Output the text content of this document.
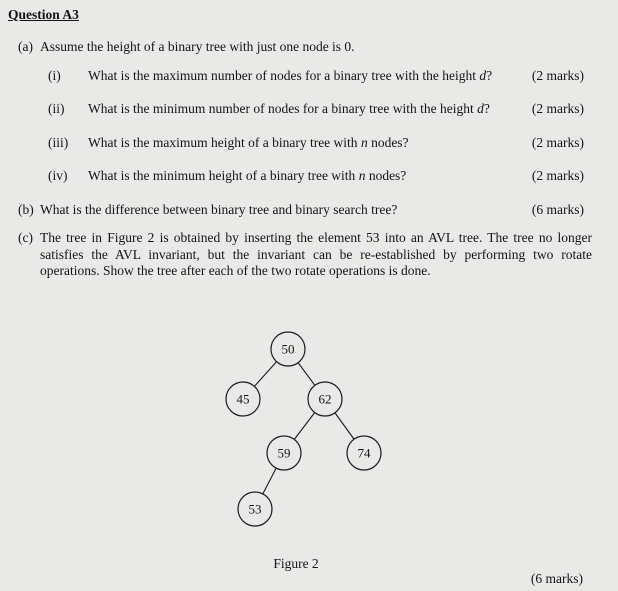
Question A3
(a) Assume the height of a binary tree with just one node is 0.
(i)	What is the maximum number of nodes for a binary tree with the height d?	(2 marks)
(ii)	What is the minimum number of nodes for a binary tree with the height d?	(2 marks)
(iii)	What is the maximum height of a binary tree with n nodes?	(2 marks)
(iv)	What is the minimum height of a binary tree with n nodes?	(2 marks)
(b) What is the difference between binary tree and binary search tree?	(6 marks)
(c) The tree in Figure 2 is obtained by inserting the element 53 into an AVL tree. The tree no longer satisfies the AVL invariant, but the invariant can be re-established by performing two rotate operations. Show the tree after each of the two rotate operations is done.
50
45	62
59	74
53
Figure 2
(6 marks)
